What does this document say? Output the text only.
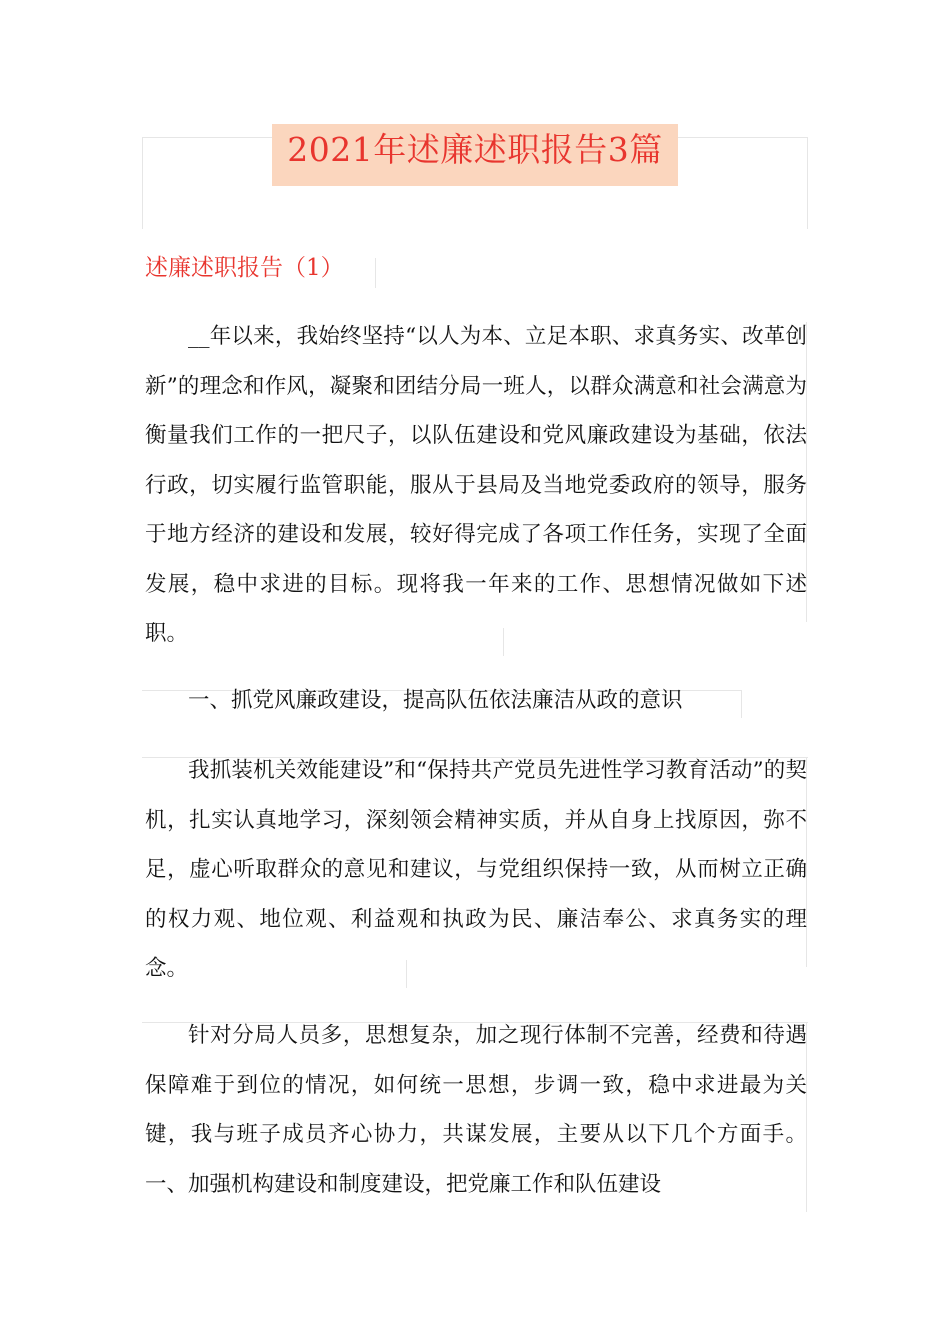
2021年述廉述职报告3篇
述廉述职报告（1）

__年以来，我始终坚持“以人为本、立足本职、求真务实、改革创新”的理念和作风，凝聚和团结分局一班人，以群众满意和社会满意为衡量我们工作的一把尺子，以队伍建设和党风廉政建设为基础，依法行政，切实履行监管职能，服从于县局及当地党委政府的领导，服务于地方经济的建设和发展，较好得完成了各项工作任务，实现了全面发展，稳中求进的目标。现将我一年来的工作、思想情况做如下述职。

一、抓党风廉政建设，提高队伍依法廉洁从政的意识

我抓装机关效能建设”和“保持共产党员先进性学习教育活动”的契机，扎实认真地学习，深刻领会精神实质，并从自身上找原因，弥不足，虚心听取群众的意见和建议，与党组织保持一致，从而树立正确的权力观、地位观、利益观和执政为民、廉洁奉公、求真务实的理念。

针对分局人员多，思想复杂，加之现行体制不完善，经费和待遇保障难于到位的情况，如何统一思想，步调一致，稳中求进最为关键，我与班子成员齐心协力，共谋发展，主要从以下几个方面手。一、加强机构建设和制度建设，把党廉工作和队伍建设
